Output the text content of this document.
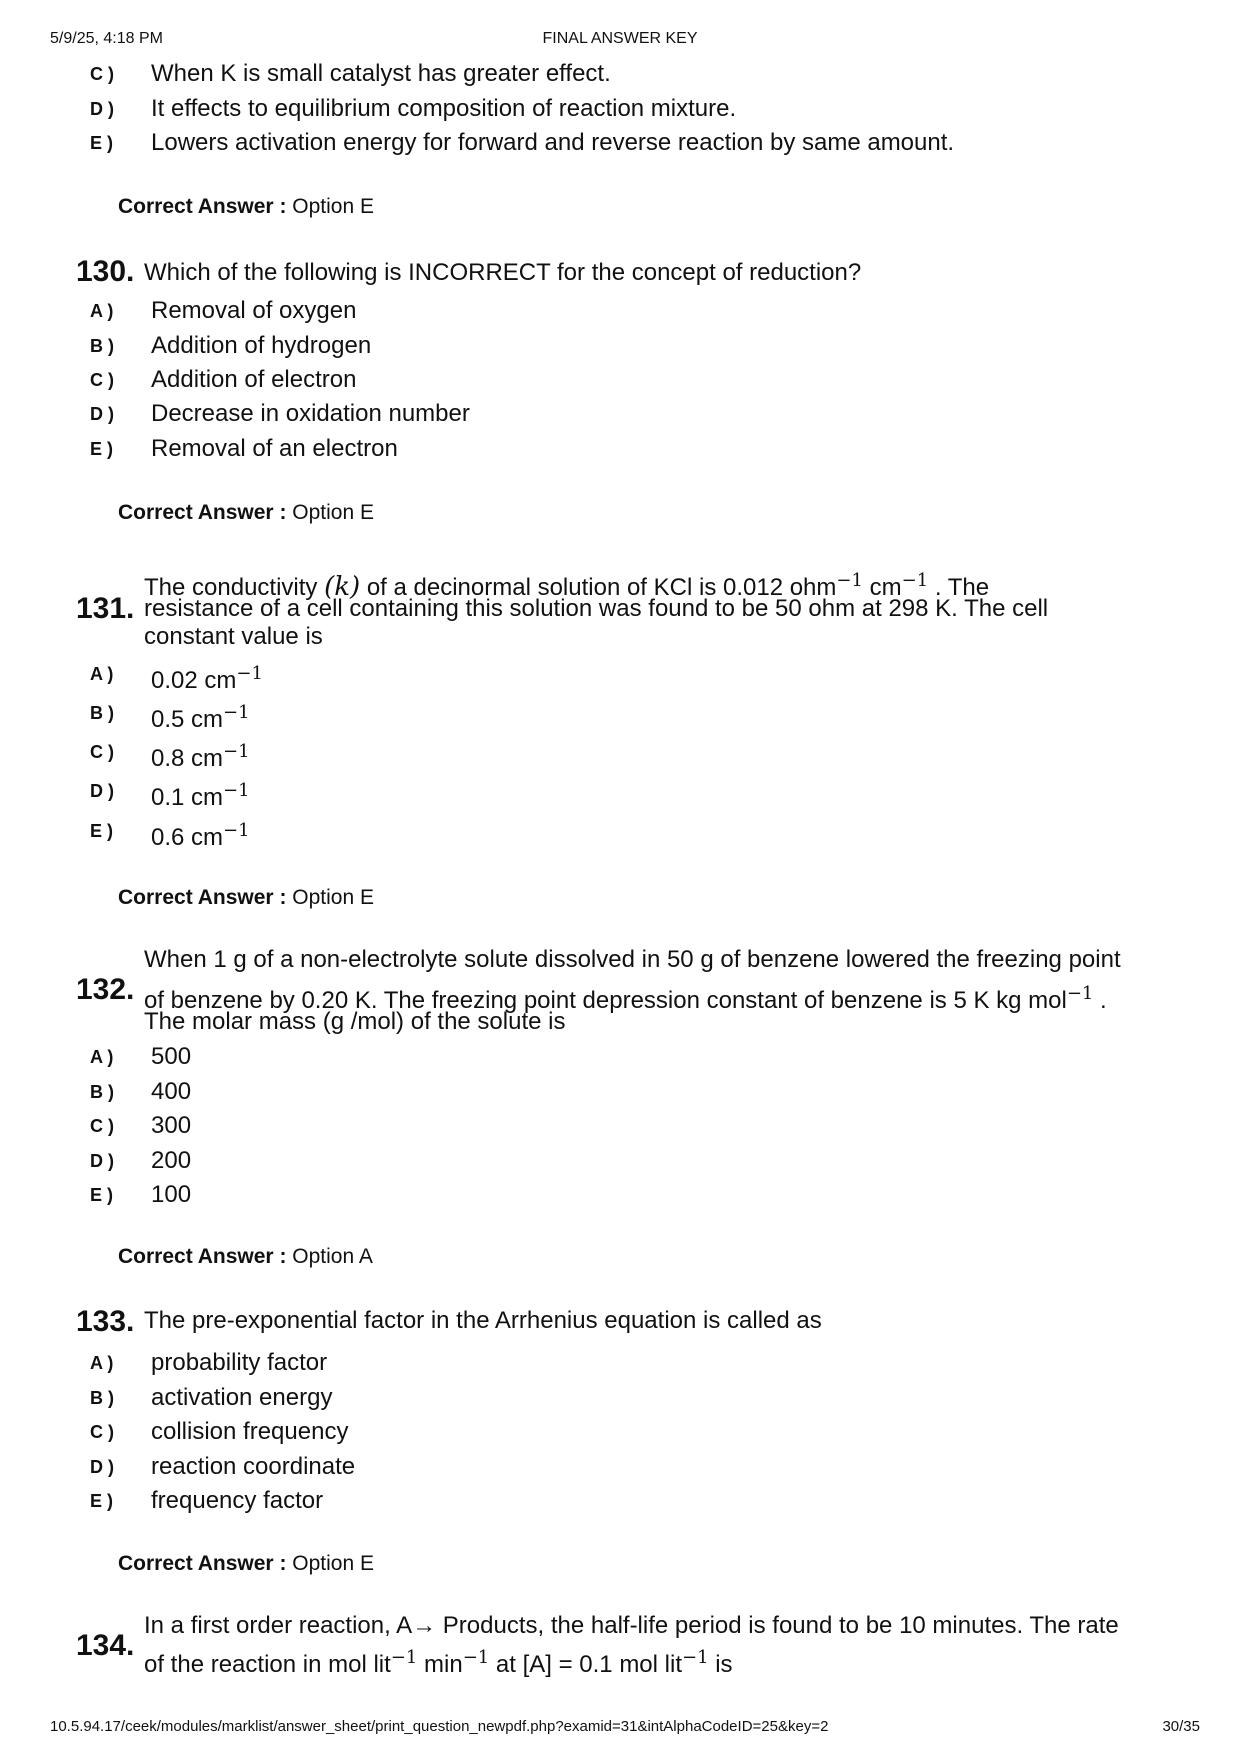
5/9/25, 4:18 PM	FINAL ANSWER KEY
C )	When K is small catalyst has greater effect.
D )	It effects to equilibrium composition of reaction mixture.
E )	Lowers activation energy for forward and reverse reaction by same amount.
Correct Answer : Option E
130. Which of the following is INCORRECT for the concept of reduction?
A )	Removal of oxygen
B )	Addition of hydrogen
C )	Addition of electron
D )	Decrease in oxidation number
E )	Removal of an electron
Correct Answer : Option E
The conductivity (k) of a decinormal solution of KCl is 0.012 ohm$^{-1}$ $cm^{-1}$ . The
131. resistance of a cell containing this solution was found to be 50 ohm at 298 K. The cell
constant value is
A )	0.02 $cm^{-1}$
B )	0.5 $cm^{-1}$
C )	0.8 $cm^{-1}$
D )	0.1 $cm^{-1}$
E )	0.6 $cm^{-1}$
Correct Answer : Option E
When 1 g of a non-electrolyte solute dissolved in 50 g of benzene lowered the freezing point
132. of benzene by 0.20 K. The freezing point depression constant of benzene is 5 K kg mol$^{-1}$ .
The molar mass (g /mol) of the solute is
A )	500
B )	400
C )	300
D )	200
E )	100
Correct Answer : Option A
133. The pre-exponential factor in the Arrhenius equation is called as
A )	probability factor
B )	activation energy
C )	collision frequency
D )	reaction coordinate
E )	frequency factor
Correct Answer : Option E
In a first order reaction, A→ Products, the half-life period is found to be 10 minutes. The rate
134.
of the reaction in mol lit$^{-1}$ $\min^{-1}$ at [A] = 0.1 mol lit$^{-1}$ is
10.5.94.17/ceek/modules/marklist/answer_sheet/print_question_newpdf.php?examid=31&intAlphaCodeID=25&key=2	30/35
